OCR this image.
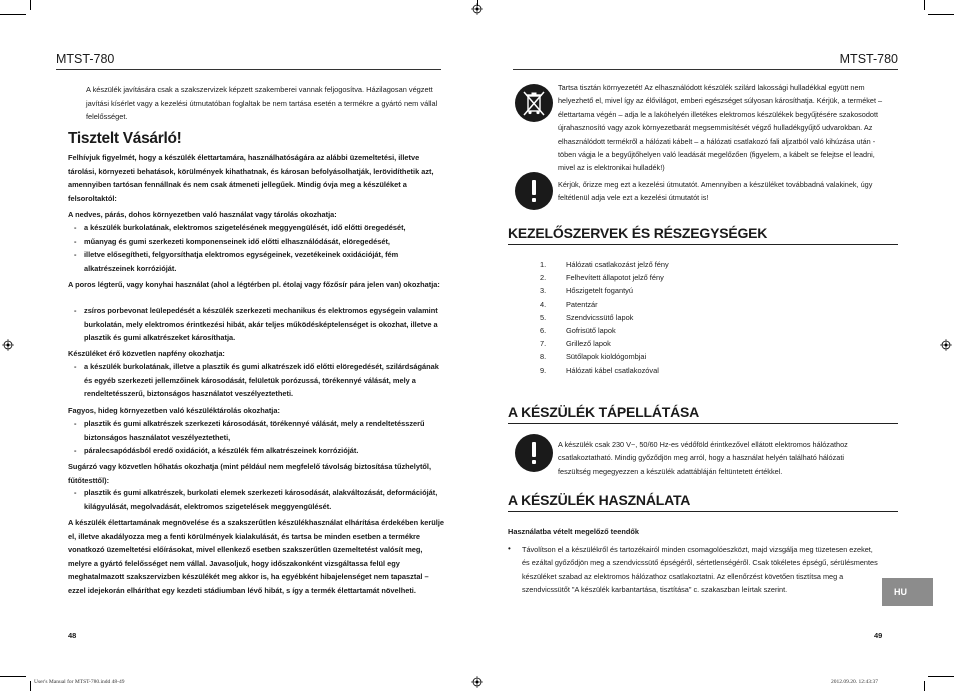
MTST-780	MTST-780
A készülék javítására csak a szakszervizek képzett szakemberei vannak feljogosítva. Házilagosan végzett javítási kísérlet vagy a kezelési útmutatóban foglaltak be nem tartása esetén a termékre a gyártó nem vállal felelősséget.
Tisztelt Vásárló!
Felhívjuk figyelmét, hogy a készülék élettartamára, használhatóságára az alábbi üzemeltetési, illetve tárolási, környezeti behatások, körülmények kihathatnak, és károsan befolyásolhatják, lerövidíthetik azt, amennyiben tartósan fennállnak és nem csak átmeneti jellegűek. Mindig óvja meg a készüléket a felsoroltaktól:
A nedves, párás, dohos környezetben való használat vagy tárolás okozhatja:
- a készülék burkolatának, elektromos szigetelésének meggyengülését, idő előtti öregedését,
- műanyag és gumi szerkezeti komponenseinek idő előtti elhasználódását, elöregedését,
- illetve elősegítheti, felgyorsíthatja elektromos egységeinek, vezetékeinek oxidációját, fém alkatrészeinek korrózióját.
A poros légterű, vagy konyhai használat (ahol a légtérben pl. étolaj vagy főzősír pára jelen van) okozhatja:
- zsíros porbevonat leülepedését a készülék szerkezeti mechanikus és elektromos egységein valamint burkolatán, mely elektromos érintkezési hibát, akár teljes működésképtelenséget is okozhat, illetve a plasztik és gumi alkatrészeket károsíthatja.
Készüléket érő közvetlen napfény okozhatja:
- a készülék burkolatának, illetve a plasztik és gumi alkatrészek idő előtti elöregedését, szilárdságának és egyéb szerkezeti jellemzőinek károsodását, felületük porózussá, törékennyé válását, mely a rendeltetésszerű, biztonságos használatot veszélyeztetheti.
Fagyos, hideg környezetben való készüléktárolás okozhatja:
- plasztik és gumi alkatrészek szerkezeti károsodását, törékennyé válását, mely a rendeltetésszerű biztonságos használatot veszélyeztetheti,
- páralecsapódásból eredő oxidációt, a készülék fém alkatrészeinek korrózióját.
Sugárzó vagy közvetlen hőhatás okozhatja (mint például nem megfelelő távolság biztosítása tűzhelytől, fűtőtesttől):
- plasztik és gumi alkatrészek, burkolati elemek szerkezeti károsodását, alakváltozását, deformációját, kilágyulását, megolvadását, elektromos szigetelések meggyengülését.
A készülék élettartamának megnövelése és a szakszerűtlen készülékhasználat elhárítása érdekében kerülje el, illetve akadályozza meg a fenti körülmények kialakulását, és tartsa be minden esetben a termékre vonatkozó üzemeltetési előírásokat, mivel ellenkező esetben szakszerűtlen üzemeltetést valósít meg, melyre a gyártó felelősséget nem vállal. Javasoljuk, hogy időszakonként vizsgáltassa felül egy meghatalmazott szakszervizben készülékét meg akkor is, ha egyébként hibajelenséget nem tapasztal – ezzel idejekorán elháríthat egy kezdeti stádiumban lévő hibát, s így a termék élettartamát növelheti.
48
Tartsa tisztán környezetét! Az elhasználódott készülék szilárd lakossági hulladékkal együtt nem helyezhető el, mivel így az élővilágot, emberi egészséget súlyosan károsíthatja. Kérjük, a terméket – élettartama végén – adja le a lakóhelyén illetékes elektromos készülékek begyűjtésére szakosodott újrahasznosító vagy azok környezetbarát megsemmisítését végző hulladékgyűjtő udvarokban. Az elhasználódott termékről a hálózati kábelt – a hálózati csatlakozó fali aljzatból való kihúzása után - töben vágja le a begyűjtőhelyen való leadását megelőzően (figyelem, a kábelt se felejtse el leadni, mivel az is elektronikai hulladék!)
Kérjük, őrizze meg ezt a kezelési útmutatót. Amennyiben a készüléket továbbadná valakinek, úgy feltétlenül adja vele ezt a kezelési útmutatót is!
KEZELŐSZERVEK ÉS RÉSZEGYSÉGEK
1.	Hálózati csatlakozást jelző fény
2.	Felhevített állapotot jelző fény
3.	Hőszigetelt fogantyú
4.	Patentzár
5.	Szendvicssütő lapok
6.	Gofrisütő lapok
7.	Grillező lapok
8.	Sütőlapok kioldógombjai
9.	Hálózati kábel csatlakozóval
A KÉSZÜLÉK TÁPELLÁTÁSA
A készülék csak 230 V~, 50/60 Hz-es védőföld érintkezővel ellátott elektromos hálózathoz csatlakoztatható. Mindig győződjön meg arról, hogy a használat helyén található hálózati feszültség megegyezzen a készülék adattábláján feltüntetett értékkel.
A KÉSZÜLÉK HASZNÁLATA
Használatba vételt megelőző teendők
• Távolítson el a készülékről és tartozékairól minden csomagolóeszközt, majd vizsgálja meg tüzetesen ezeket, és ezáltal győződjön meg a szendvicssütő épségéről, sértetlenségéről. Csak tökéletes épségű, sérülésmentes készüléket szabad az elektromos hálózathoz csatlakoztatni. Az ellenőrzést követően tisztítsa meg a szendvicssütőt "A készülék karbantartása, tisztítása" c. szakaszban leírtak szerint.	HU
49
User's Manual for MTST-780.indd 48-49	2012.09.20. 12:43:37
